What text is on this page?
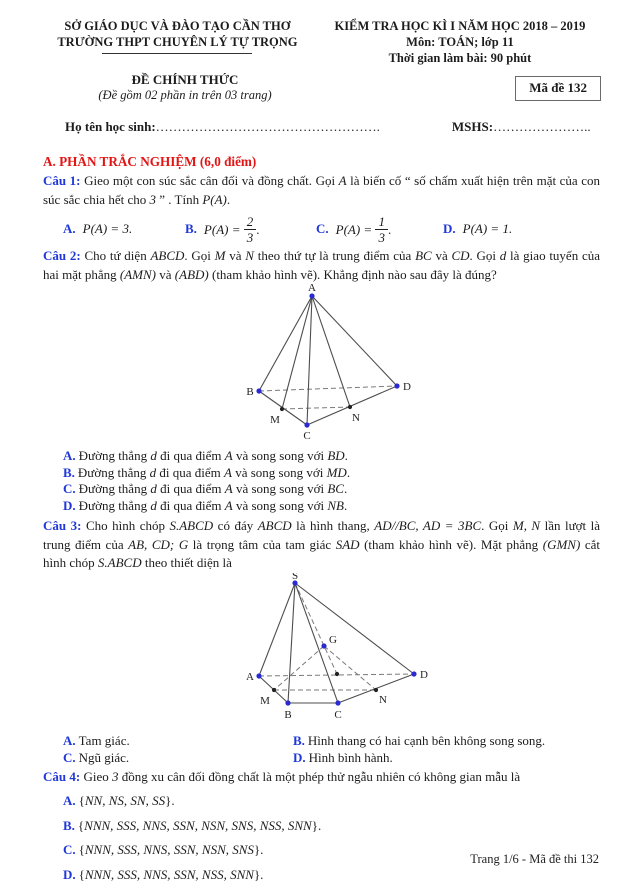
SỞ GIÁO DỤC VÀ ĐÀO TẠO CẦN THƠ
TRƯỜNG THPT CHUYÊN LÝ TỰ TRỌNG
KIỂM TRA HỌC KÌ I NĂM HỌC 2018 – 2019
Môn: TOÁN; lớp 11
Thời gian làm bài: 90 phút
ĐỀ CHÍNH THỨC
(Đề gồm 02 phần in trên 03 trang)	Mã đề 132
Họ tên học sinh:…………………………………………….	MSHS:…………………..
A. PHẦN TRẮC NGHIỆM (6,0 điểm)
Câu 1: Gieo một con súc sắc cân đối và đồng chất. Gọi A là biến cố “ số chấm xuất hiện trên mặt của con súc sắc chia hết cho 3 ” . Tính P(A).
A. P(A) = 3.	B. $P(A) = \frac{2}{3}$ .	C. $P(A) = \frac{1}{3}$ .	D. P(A) = 1.
Câu 2: Cho tứ diện ABCD. Gọi M và N theo thứ tự là trung điểm của BC và CD. Gọi d là giao tuyến của hai mặt phẳng (AMN) và (ABD) (tham khảo hình vẽ). Khẳng định nào sau đây là đúng?
A
B	D
C
M	N
A. Đường thẳng d đi qua điểm A và song song với BD.
B. Đường thẳng d đi qua điểm A và song song với MD.
C. Đường thẳng d đi qua điểm A và song song với BC.
D. Đường thẳng d đi qua điểm A và song song với NB.
Câu 3: Cho hình chóp S.ABCD có đáy ABCD là hình thang, AD//BC, AD = 3BC. Gọi M, N lần lượt là trung điểm của AB, CD; G là trọng tâm của tam giác SAD (tham khảo hình vẽ). Mặt phẳng (GMN) cắt hình chóp S.ABCD theo thiết diện là
S
A	D
B	C
M	N
G
A. Tam giác.	B. Hình thang có hai cạnh bên không song song.
C. Ngũ giác.	D. Hình bình hành.
Câu 4: Gieo 3 đồng xu cân đối đồng chất là một phép thử ngẫu nhiên có không gian mẫu là
A. {NN, NS, SN, SS}.
B. {NNN, SSS, NNS, SSN, NSN, SNS, NSS, SNN}.
C. {NNN, SSS, NNS, SSN, NSN, SNS}.
D. {NNN, SSS, NNS, SSN, NSS, SNN}.
Trang 1/6 - Mã đề thi 132
